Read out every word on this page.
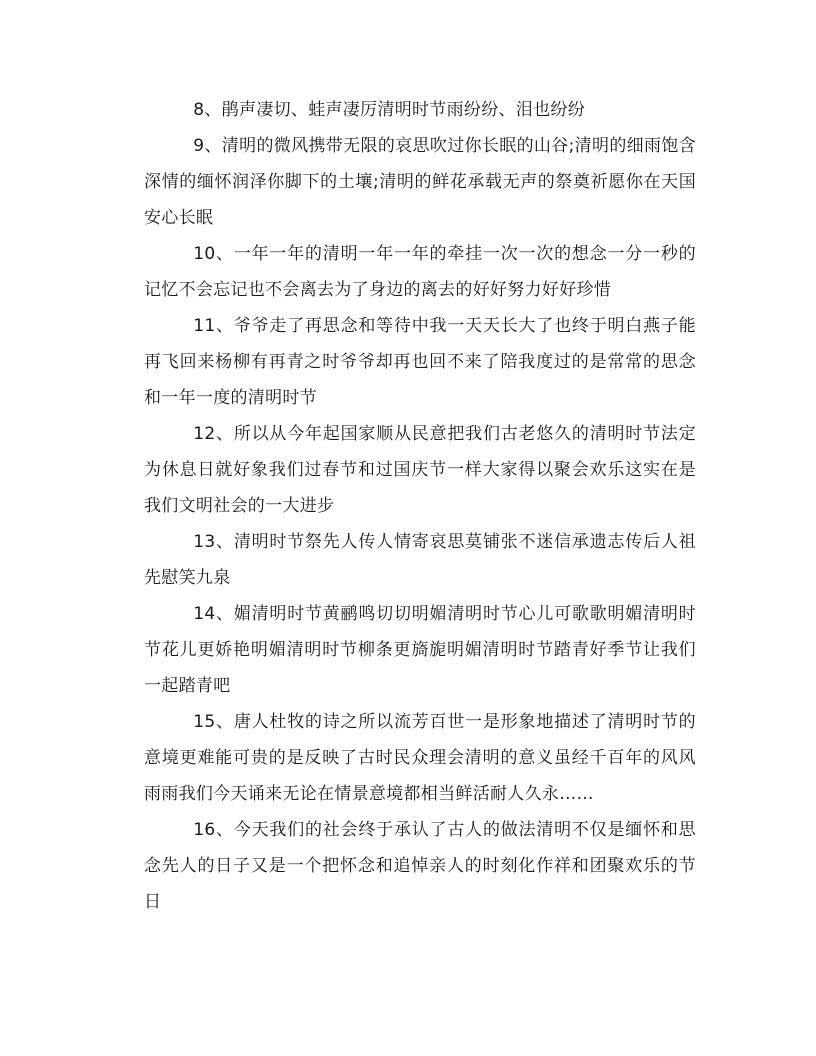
8、鹃声凄切、蛙声凄厉清明时节雨纷纷、泪也纷纷

9、清明的微风携带无限的哀思吹过你长眠的山谷;清明的细雨饱含深情的缅怀润泽你脚下的土壤;清明的鲜花承载无声的祭奠祈愿你在天国安心长眠

10、一年一年的清明一年一年的牵挂一次一次的想念一分一秒的记忆不会忘记也不会离去为了身边的离去的好好努力好好珍惜

11、爷爷走了再思念和等待中我一天天长大了也终于明白燕子能再飞回来杨柳有再青之时爷爷却再也回不来了陪我度过的是常常的思念和一年一度的清明时节

12、所以从今年起国家顺从民意把我们古老悠久的清明时节法定为休息日就好象我们过春节和过国庆节一样大家得以聚会欢乐这实在是我们文明社会的一大进步

13、清明时节祭先人传人情寄哀思莫铺张不迷信承遗志传后人祖先慰笑九泉

14、媚清明时节黄鹂鸣切切明媚清明时节心儿可歌歌明媚清明时节花儿更娇艳明媚清明时节柳条更旖旎明媚清明时节踏青好季节让我们一起踏青吧

15、唐人杜牧的诗之所以流芳百世一是形象地描述了清明时节的意境更难能可贵的是反映了古时民众理会清明的意义虽经千百年的风风雨雨我们今天诵来无论在情景意境都相当鲜活耐人久永……

16、今天我们的社会终于承认了古人的做法清明不仅是缅怀和思念先人的日子又是一个把怀念和追悼亲人的时刻化作祥和团聚欢乐的节日
